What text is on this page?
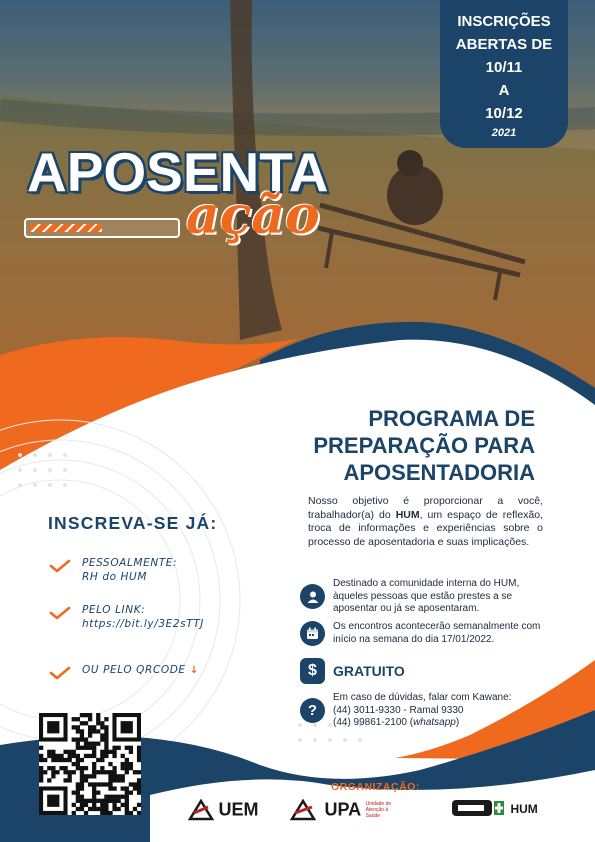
INSCRIÇÕES
ABERTAS DE
10/11
A
10/12
2021
APOSENTA
ação
PROGRAMA DE
PREPARAÇÃO PARA
APOSENTADORIA
Nosso objetivo é proporcionar a você, trabalhador(a) do HUM, um espaço de reflexão, troca de informações e experiências sobre o processo de aposentadoria e suas implicações.
Destinado a comunidade interna do HUM, àqueles pessoas que estão prestes a se aposentar ou já se aposentaram.
Os encontros acontecerão semanalmente com início na semana do dia 17/01/2022.
$ GRATUITO
?
Em caso de dúvidas, falar com Kawane:
(44) 3011-9330 - Ramal 9330
(44) 99861-2100 (whatsapp)
INSCREVA-SE JÁ:
PESSOALMENTE:
RH do HUM
PELO LINK:
https://bit.ly/3E2sTTJ
OU PELO QRCODE ↓
ORGANIZAÇÃO:
UEM	UPA Unidade de Atenção à Saúde	HUM
